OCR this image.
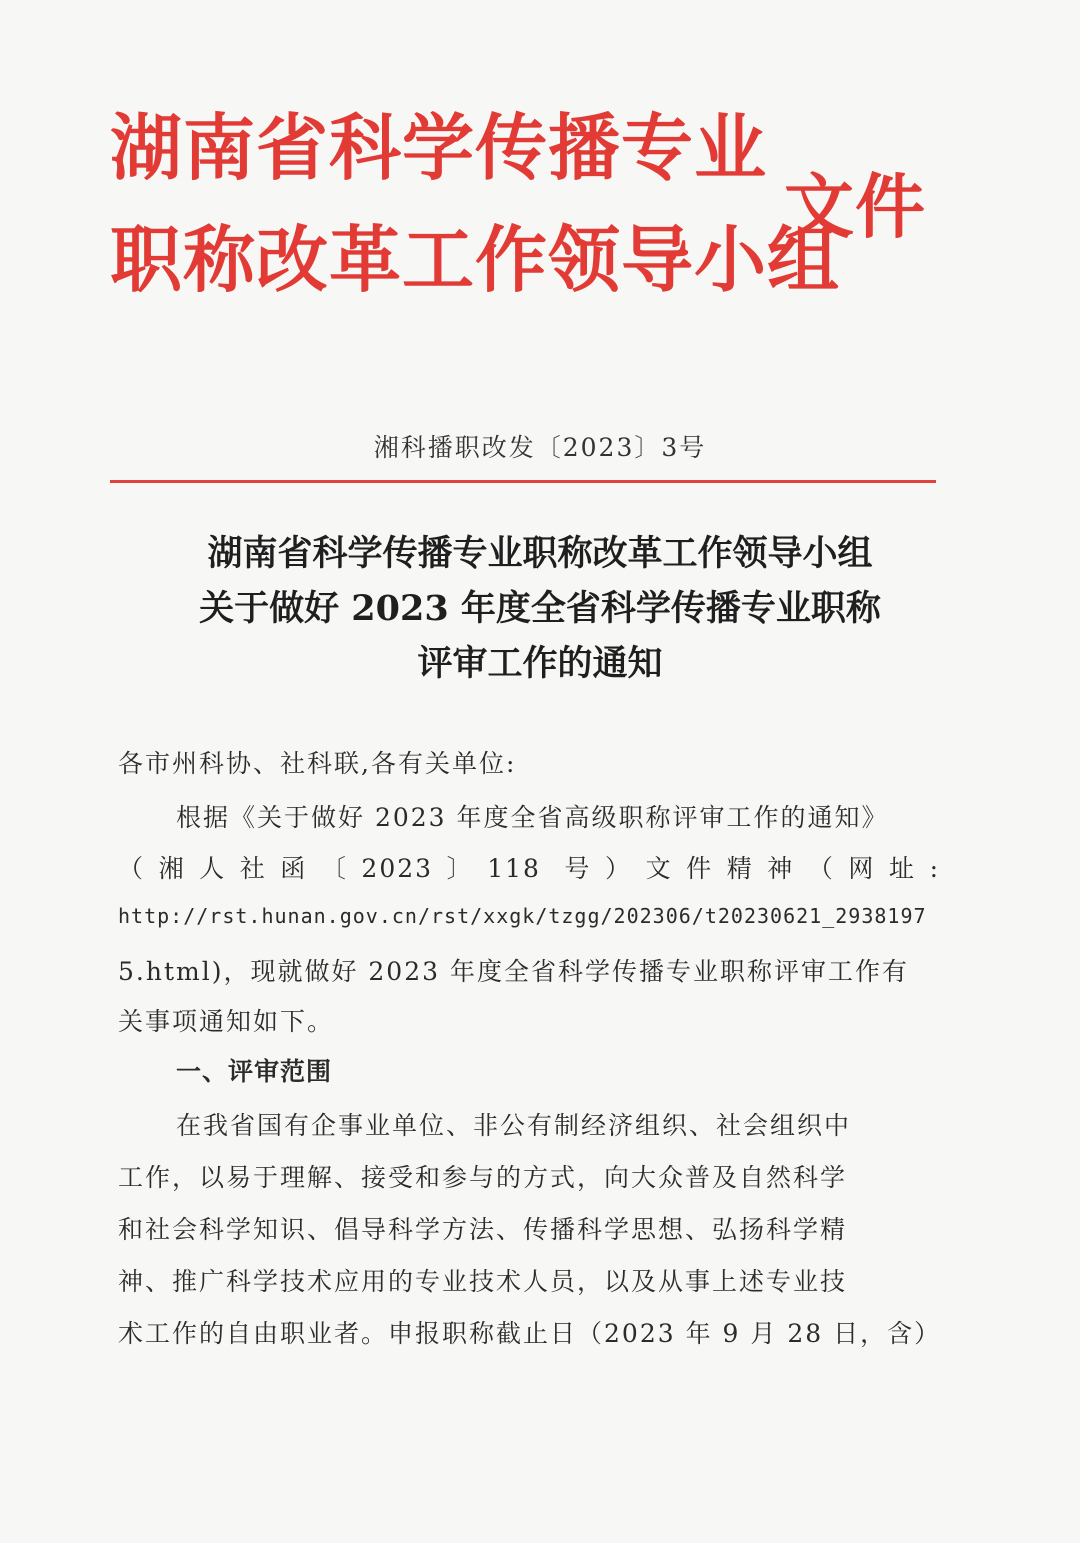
湖南省科学传播专业
职称改革工作领导小组
文件
湘科播职改发〔2023〕3号
湖南省科学传播专业职称改革工作领导小组
关于做好 2023 年度全省科学传播专业职称
评审工作的通知
各市州科协、社科联,各有关单位:
根据《关于做好 2023 年度全省高级职称评审工作的通知》
（湘人社函〔2023〕118 号）文件精神（网址:
http://rst.hunan.gov.cn/rst/xxgk/tzgg/202306/t20230621_2938197
5.html)，现就做好 2023 年度全省科学传播专业职称评审工作有
关事项通知如下。
一、评审范围
在我省国有企事业单位、非公有制经济组织、社会组织中
工作，以易于理解、接受和参与的方式，向大众普及自然科学
和社会科学知识、倡导科学方法、传播科学思想、弘扬科学精
神、推广科学技术应用的专业技术人员，以及从事上述专业技
术工作的自由职业者。申报职称截止日（2023 年 9 月 28 日，含）
